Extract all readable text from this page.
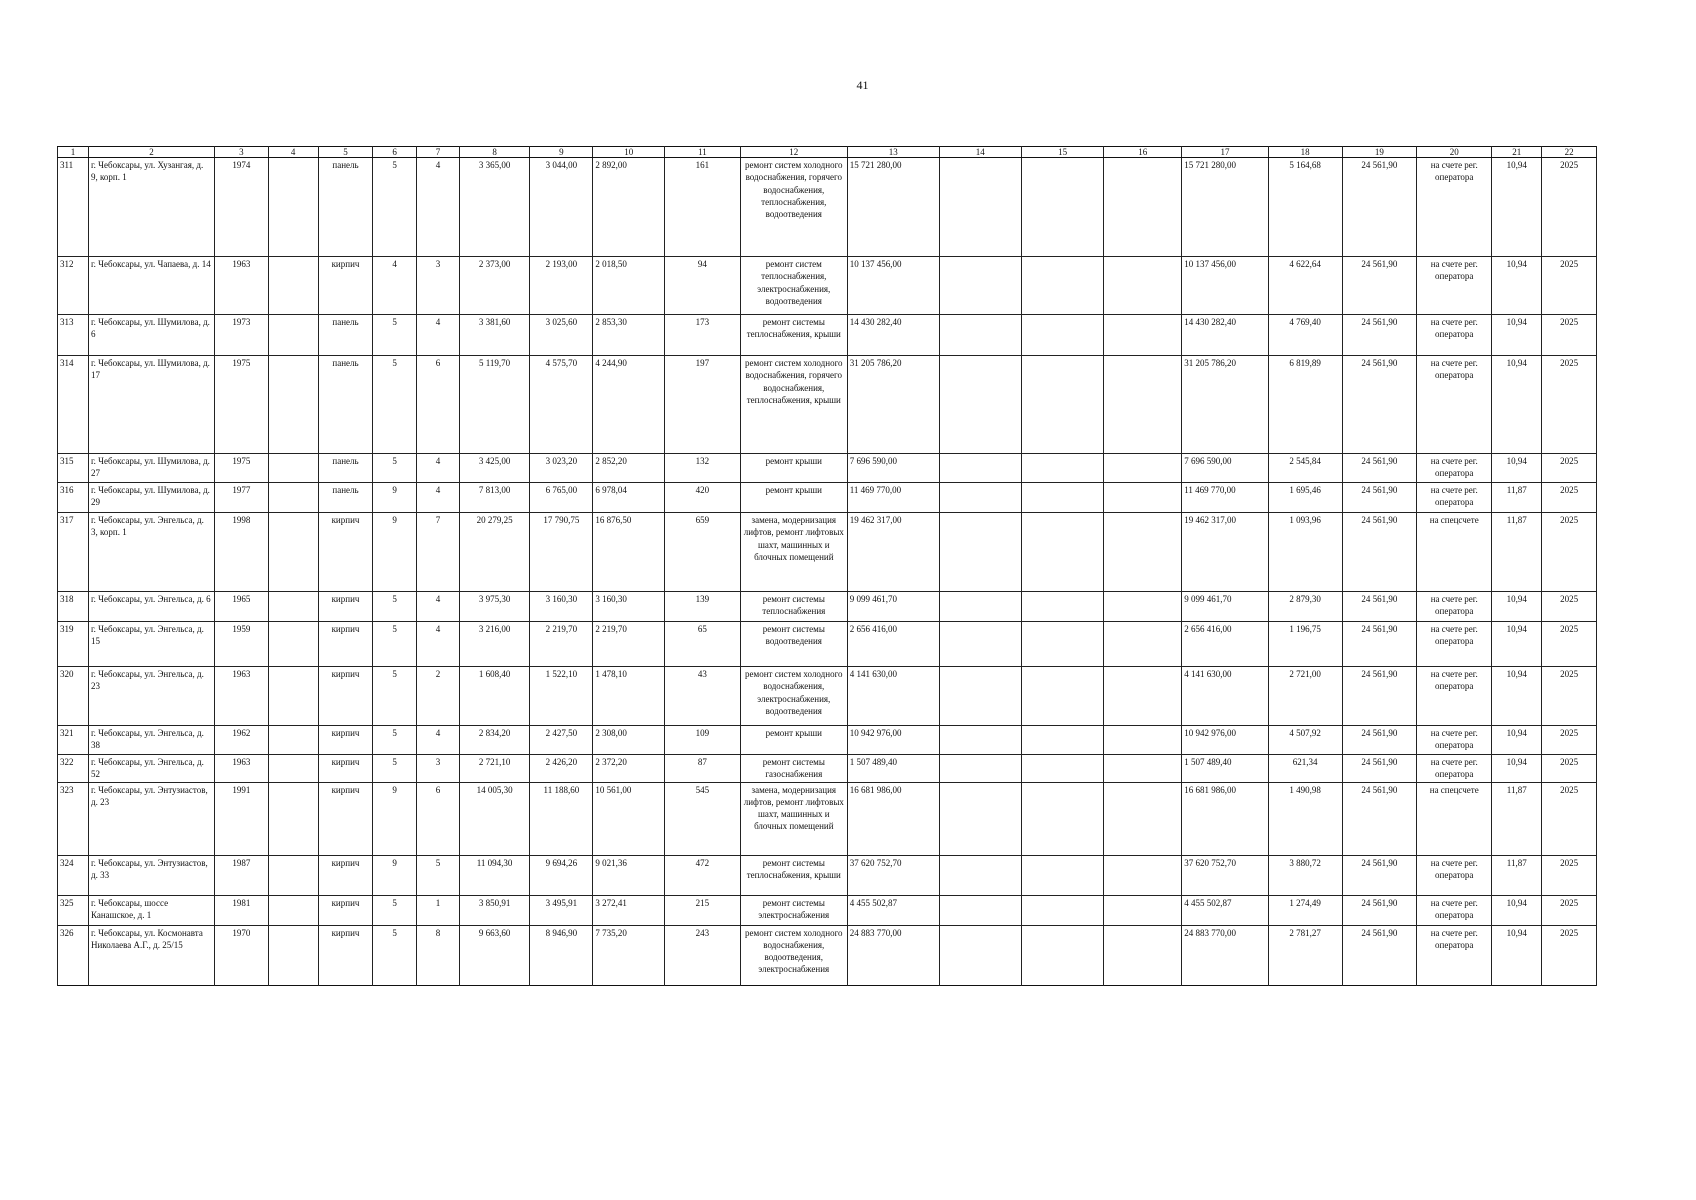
41
1	2	3	4	5	6	7	8	9	10	11	12	13	14	15	16	17	18	19	20	21	22
311	г. Чебоксары, ул. Хузангая, д. 9, корп. 1	1974		панель	5	4	3 365,00	3 044,00	2 892,00	161	ремонт систем холодного водоснабжения, горячего водоснабжения, теплоснабжения, водоотведения	15 721 280,00				15 721 280,00	5 164,68	24 561,90	на счете рег. оператора	10,94	2025
312	г. Чебоксары, ул. Чапаева, д. 14	1963		кирпич	4	3	2 373,00	2 193,00	2 018,50	94	ремонт систем теплоснабжения, электроснабжения, водоотведения	10 137 456,00				10 137 456,00	4 622,64	24 561,90	на счете рег. оператора	10,94	2025
313	г. Чебоксары, ул. Шумилова, д. 6	1973		панель	5	4	3 381,60	3 025,60	2 853,30	173	ремонт системы теплоснабжения, крыши	14 430 282,40				14 430 282,40	4 769,40	24 561,90	на счете рег. оператора	10,94	2025
314	г. Чебоксары, ул. Шумилова, д. 17	1975		панель	5	6	5 119,70	4 575,70	4 244,90	197	ремонт систем холодного водоснабжения, горячего водоснабжения, теплоснабжения, крыши	31 205 786,20				31 205 786,20	6 819,89	24 561,90	на счете рег. оператора	10,94	2025
315	г. Чебоксары, ул. Шумилова, д. 27	1975		панель	5	4	3 425,00	3 023,20	2 852,20	132	ремонт крыши	7 696 590,00				7 696 590,00	2 545,84	24 561,90	на счете рег. оператора	10,94	2025
316	г. Чебоксары, ул. Шумилова, д. 29	1977		панель	9	4	7 813,00	6 765,00	6 978,04	420	ремонт крыши	11 469 770,00				11 469 770,00	1 695,46	24 561,90	на счете рег. оператора	11,87	2025
317	г. Чебоксары, ул. Энгельса, д. 3, корп. 1	1998		кирпич	9	7	20 279,25	17 790,75	16 876,50	659	замена, модернизация лифтов, ремонт лифтовых шахт, машинных и блочных помещений	19 462 317,00				19 462 317,00	1 093,96	24 561,90	на спецсчете	11,87	2025
318	г. Чебоксары, ул. Энгельса, д. 6	1965		кирпич	5	4	3 975,30	3 160,30	3 160,30	139	ремонт системы теплоснабжения	9 099 461,70				9 099 461,70	2 879,30	24 561,90	на счете рег. оператора	10,94	2025
319	г. Чебоксары, ул. Энгельса, д. 15	1959		кирпич	5	4	3 216,00	2 219,70	2 219,70	65	ремонт системы водоотведения	2 656 416,00				2 656 416,00	1 196,75	24 561,90	на счете рег. оператора	10,94	2025
320	г. Чебоксары, ул. Энгельса, д. 23	1963		кирпич	5	2	1 608,40	1 522,10	1 478,10	43	ремонт систем холодного водоснабжения, электроснабжения, водоотведения	4 141 630,00				4 141 630,00	2 721,00	24 561,90	на счете рег. оператора	10,94	2025
321	г. Чебоксары, ул. Энгельса, д. 38	1962		кирпич	5	4	2 834,20	2 427,50	2 308,00	109	ремонт крыши	10 942 976,00				10 942 976,00	4 507,92	24 561,90	на счете рег. оператора	10,94	2025
322	г. Чебоксары, ул. Энгельса, д. 52	1963		кирпич	5	3	2 721,10	2 426,20	2 372,20	87	ремонт системы газоснабжения	1 507 489,40				1 507 489,40	621,34	24 561,90	на счете рег. оператора	10,94	2025
323	г. Чебоксары, ул. Энтузиастов, д. 23	1991		кирпич	9	6	14 005,30	11 188,60	10 561,00	545	замена, модернизация лифтов, ремонт лифтовых шахт, машинных и блочных помещений	16 681 986,00				16 681 986,00	1 490,98	24 561,90	на спецсчете	11,87	2025
324	г. Чебоксары, ул. Энтузиастов, д. 33	1987		кирпич	9	5	11 094,30	9 694,26	9 021,36	472	ремонт системы теплоснабжения, крыши	37 620 752,70				37 620 752,70	3 880,72	24 561,90	на счете рег. оператора	11,87	2025
325	г. Чебоксары, шоссе Канашское, д. 1	1981		кирпич	5	1	3 850,91	3 495,91	3 272,41	215	ремонт системы электроснабжения	4 455 502,87				4 455 502,87	1 274,49	24 561,90	на счете рег. оператора	10,94	2025
326	г. Чебоксары, ул. Космонавта Николаева А.Г., д. 25/15	1970		кирпич	5	8	9 663,60	8 946,90	7 735,20	243	ремонт систем холодного водоснабжения, водоотведения, электроснабжения	24 883 770,00				24 883 770,00	2 781,27	24 561,90	на счете рег. оператора	10,94	2025
